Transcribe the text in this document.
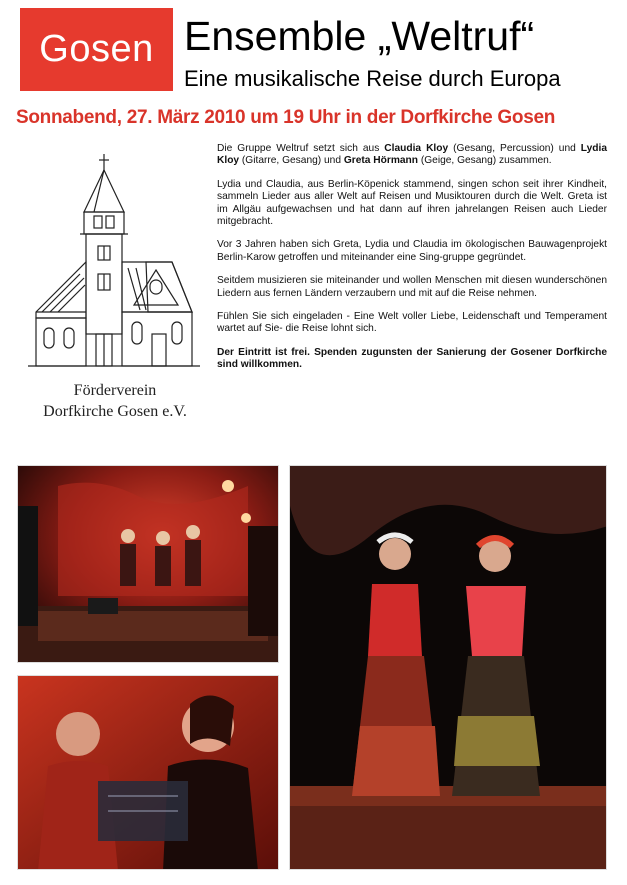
Gosen Ensemble „Weltruf“
Eine musikalische Reise durch Europa
Sonnabend, 27. März 2010 um 19 Uhr in der Dorfkirche Gosen
Förderverein
Dorfkirche Gosen e.V.

Die Gruppe Weltruf setzt sich aus Claudia Kloy (Gesang, Percussion) und Lydia Kloy (Gitarre, Gesang) und Greta Hörmann (Geige, Gesang) zusammen.

Lydia und Claudia, aus Berlin-Köpenick stammend, singen schon seit ihrer Kindheit, sammeln Lieder aus aller Welt auf Reisen und Musiktouren durch die Welt. Greta ist im Allgäu aufgewachsen und hat dann auf ihren jahrelangen Reisen auch Lieder mitgebracht.

Vor 3 Jahren haben sich Greta, Lydia und Claudia im ökologischen Bauwagenprojekt Berlin-Karow getroffen und miteinander eine Sing-gruppe gegründet.

Seitdem musizieren sie miteinander und wollen Menschen mit diesen wunderschönen Liedern aus fernen Ländern verzaubern und mit auf die Reise nehmen.

Fühlen Sie sich eingeladen - Eine Welt voller Liebe, Leidenschaft und Temperament wartet auf Sie- die Reise lohnt sich.

Der Eintritt ist frei. Spenden zugunsten der Sanierung der Gosener Dorfkirche sind willkommen.
